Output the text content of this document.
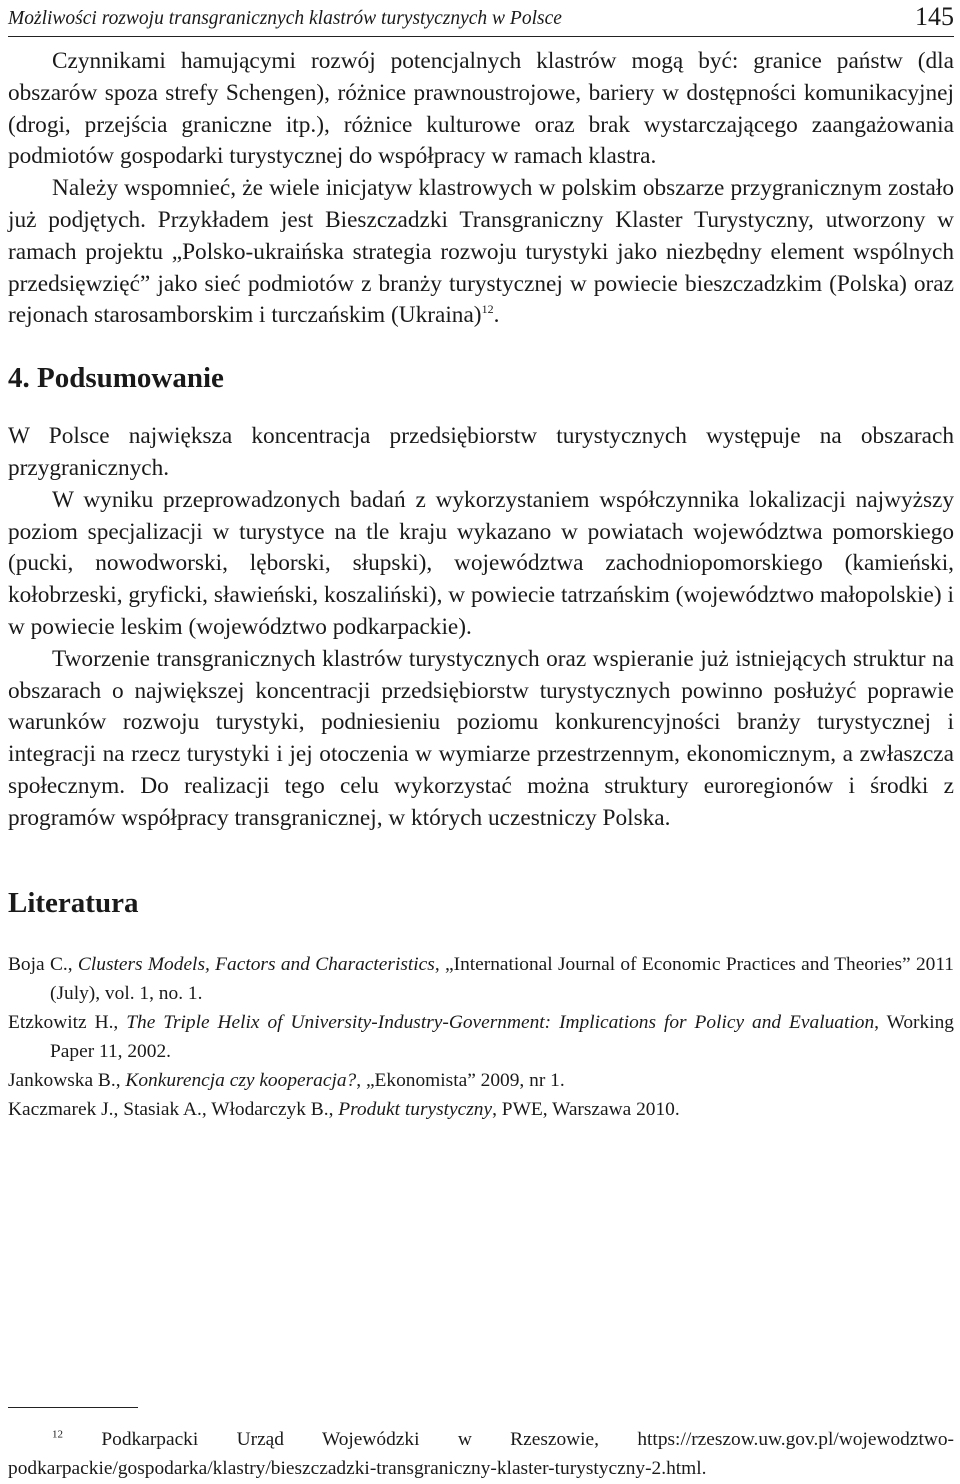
Możliwości rozwoju transgranicznych klastrów turystycznych w Polsce	145

Czynnikami hamującymi rozwój potencjalnych klastrów mogą być: granice państw (dla obszarów spoza strefy Schengen), różnice prawnoustrojowe, bariery w dostępności komunikacyjnej (drogi, przejścia graniczne itp.), różnice kulturowe oraz brak wystarczającego zaangażowania podmiotów gospodarki turystycznej do współpracy w ramach klastra.

Należy wspomnieć, że wiele inicjatyw klastrowych w polskim obszarze przygranicznym zostało już podjętych. Przykładem jest Bieszczadzki Transgraniczny Klaster Turystyczny, utworzony w ramach projektu „Polsko-ukraińska strategia rozwoju turystyki jako niezbędny element wspólnych przedsięwzięć” jako sieć podmiotów z branży turystycznej w powiecie bieszczadzkim (Polska) oraz rejonach starosamborskim i turczańskim (Ukraina)$^{12}$.

4. Podsumowanie

W Polsce największa koncentracja przedsiębiorstw turystycznych występuje na obszarach przygranicznych.

W wyniku przeprowadzonych badań z wykorzystaniem współczynnika lokalizacji najwyższy poziom specjalizacji w turystyce na tle kraju wykazano w powiatach województwa pomorskiego (pucki, nowodworski, lęborski, słupski), województwa zachodniopomorskiego (kamieński, kołobrzeski, gryficki, sławieński, koszaliński), w powiecie tatrzańskim (województwo małopolskie) i w powiecie leskim (województwo podkarpackie).

Tworzenie transgranicznych klastrów turystycznych oraz wspieranie już istniejących struktur na obszarach o największej koncentracji przedsiębiorstw turystycznych powinno posłużyć poprawie warunków rozwoju turystyki, podniesieniu poziomu konkurencyjności branży turystycznej i integracji na rzecz turystyki i jej otoczenia w wymiarze przestrzennym, ekonomicznym, a zwłaszcza społecznym. Do realizacji tego celu wykorzystać można struktury euroregionów i środki z programów współpracy transgranicznej, w których uczestniczy Polska.

Literatura

Boja C., Clusters Models, Factors and Characteristics, „International Journal of Economic Practices and Theories” 2011 (July), vol. 1, no. 1.

Etzkowitz H., The Triple Helix of University-Industry-Government: Implications for Policy and Evaluation, Working Paper 11, 2002.

Jankowska B., Konkurencja czy kooperacja?, „Ekonomista” 2009, nr 1.

Kaczmarek J., Stasiak A., Włodarczyk B., Produkt turystyczny, PWE, Warszawa 2010.

$^{12}$ Podkarpacki Urząd Wojewódzki w Rzeszowie, https://rzeszow.uw.gov.pl/wojewodztwo-podkarpackie/gospodarka/klastry/bieszczadzki-transgraniczny-klaster-turystyczny-2.html.
